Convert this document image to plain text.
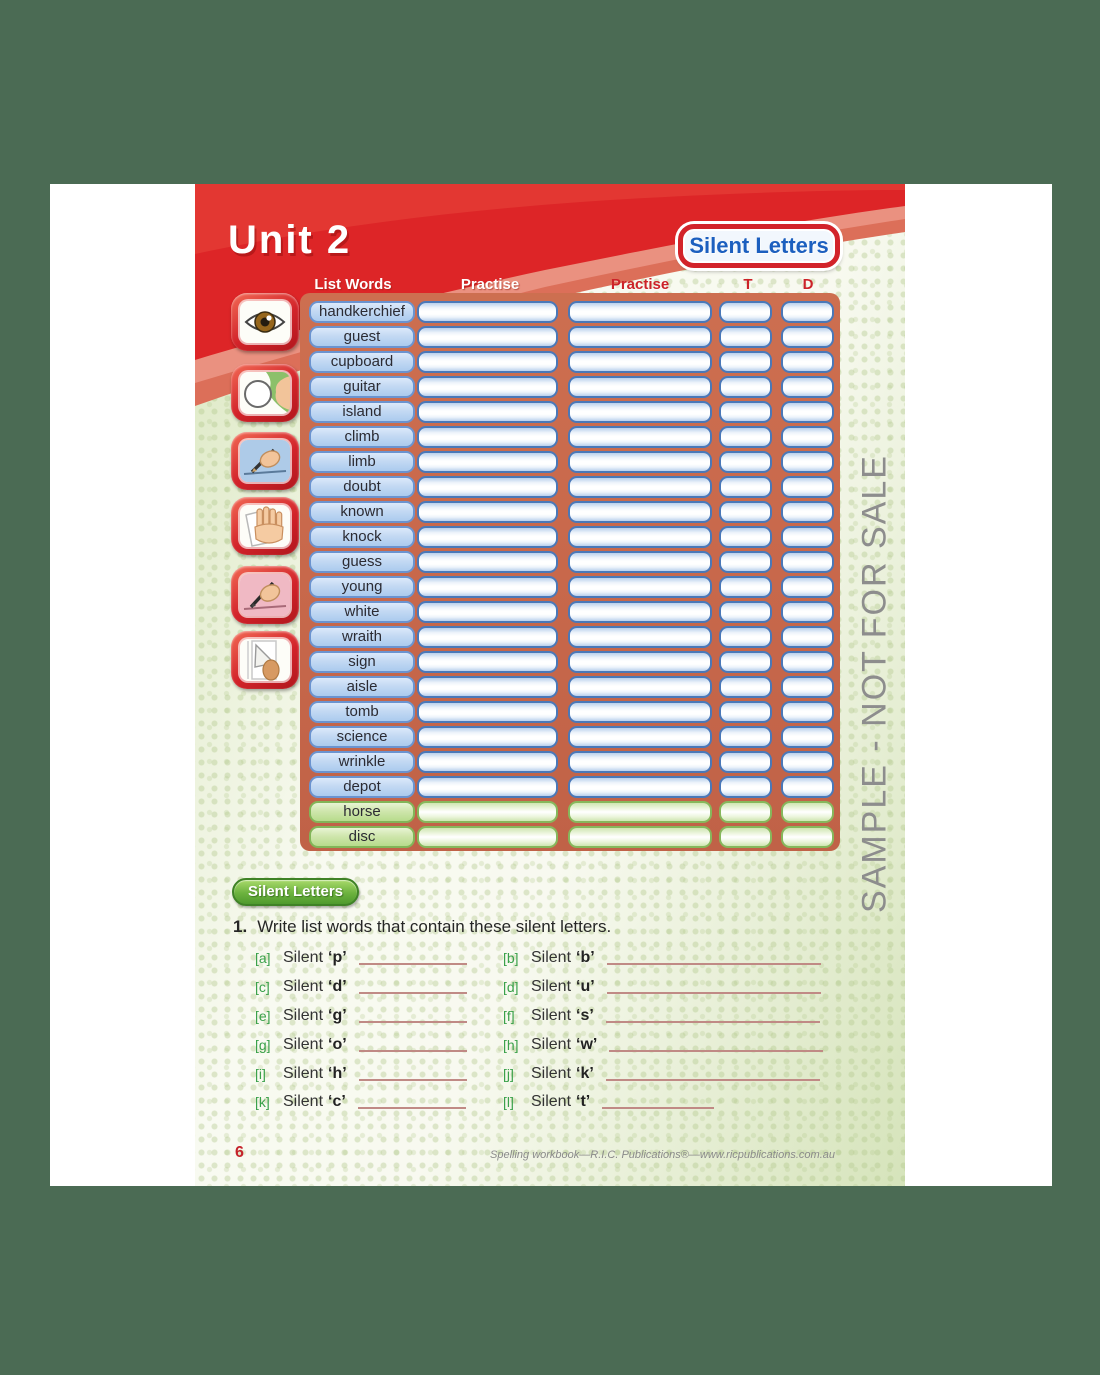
Unit 2	Silent Letters
List Words	Practise	Practise	T	D
handkerchief
guest
cupboard
guitar
island
climb
limb
doubt
known
knock
guess
young
white
wraith
sign
aisle
tomb
science
wrinkle
depot
horse
disc	SAMPLE - NOT FOR SALE
Silent Letters
1. Write list words that contain these silent letters.
[a] Silent ‘p’	[b] Silent ‘b’
[c] Silent ‘d’	[d] Silent ‘u’
[e] Silent ‘g’	[f]	Silent ‘s’
[g] Silent ‘o’	[h] Silent ‘w’
[i]	Silent ‘h’	[j]	Silent ‘k’
[k] Silent ‘c’	[l]	Silent ‘t’
6	Spelling workbook—R.I.C. Publications®—www.ricpublications.com.au
